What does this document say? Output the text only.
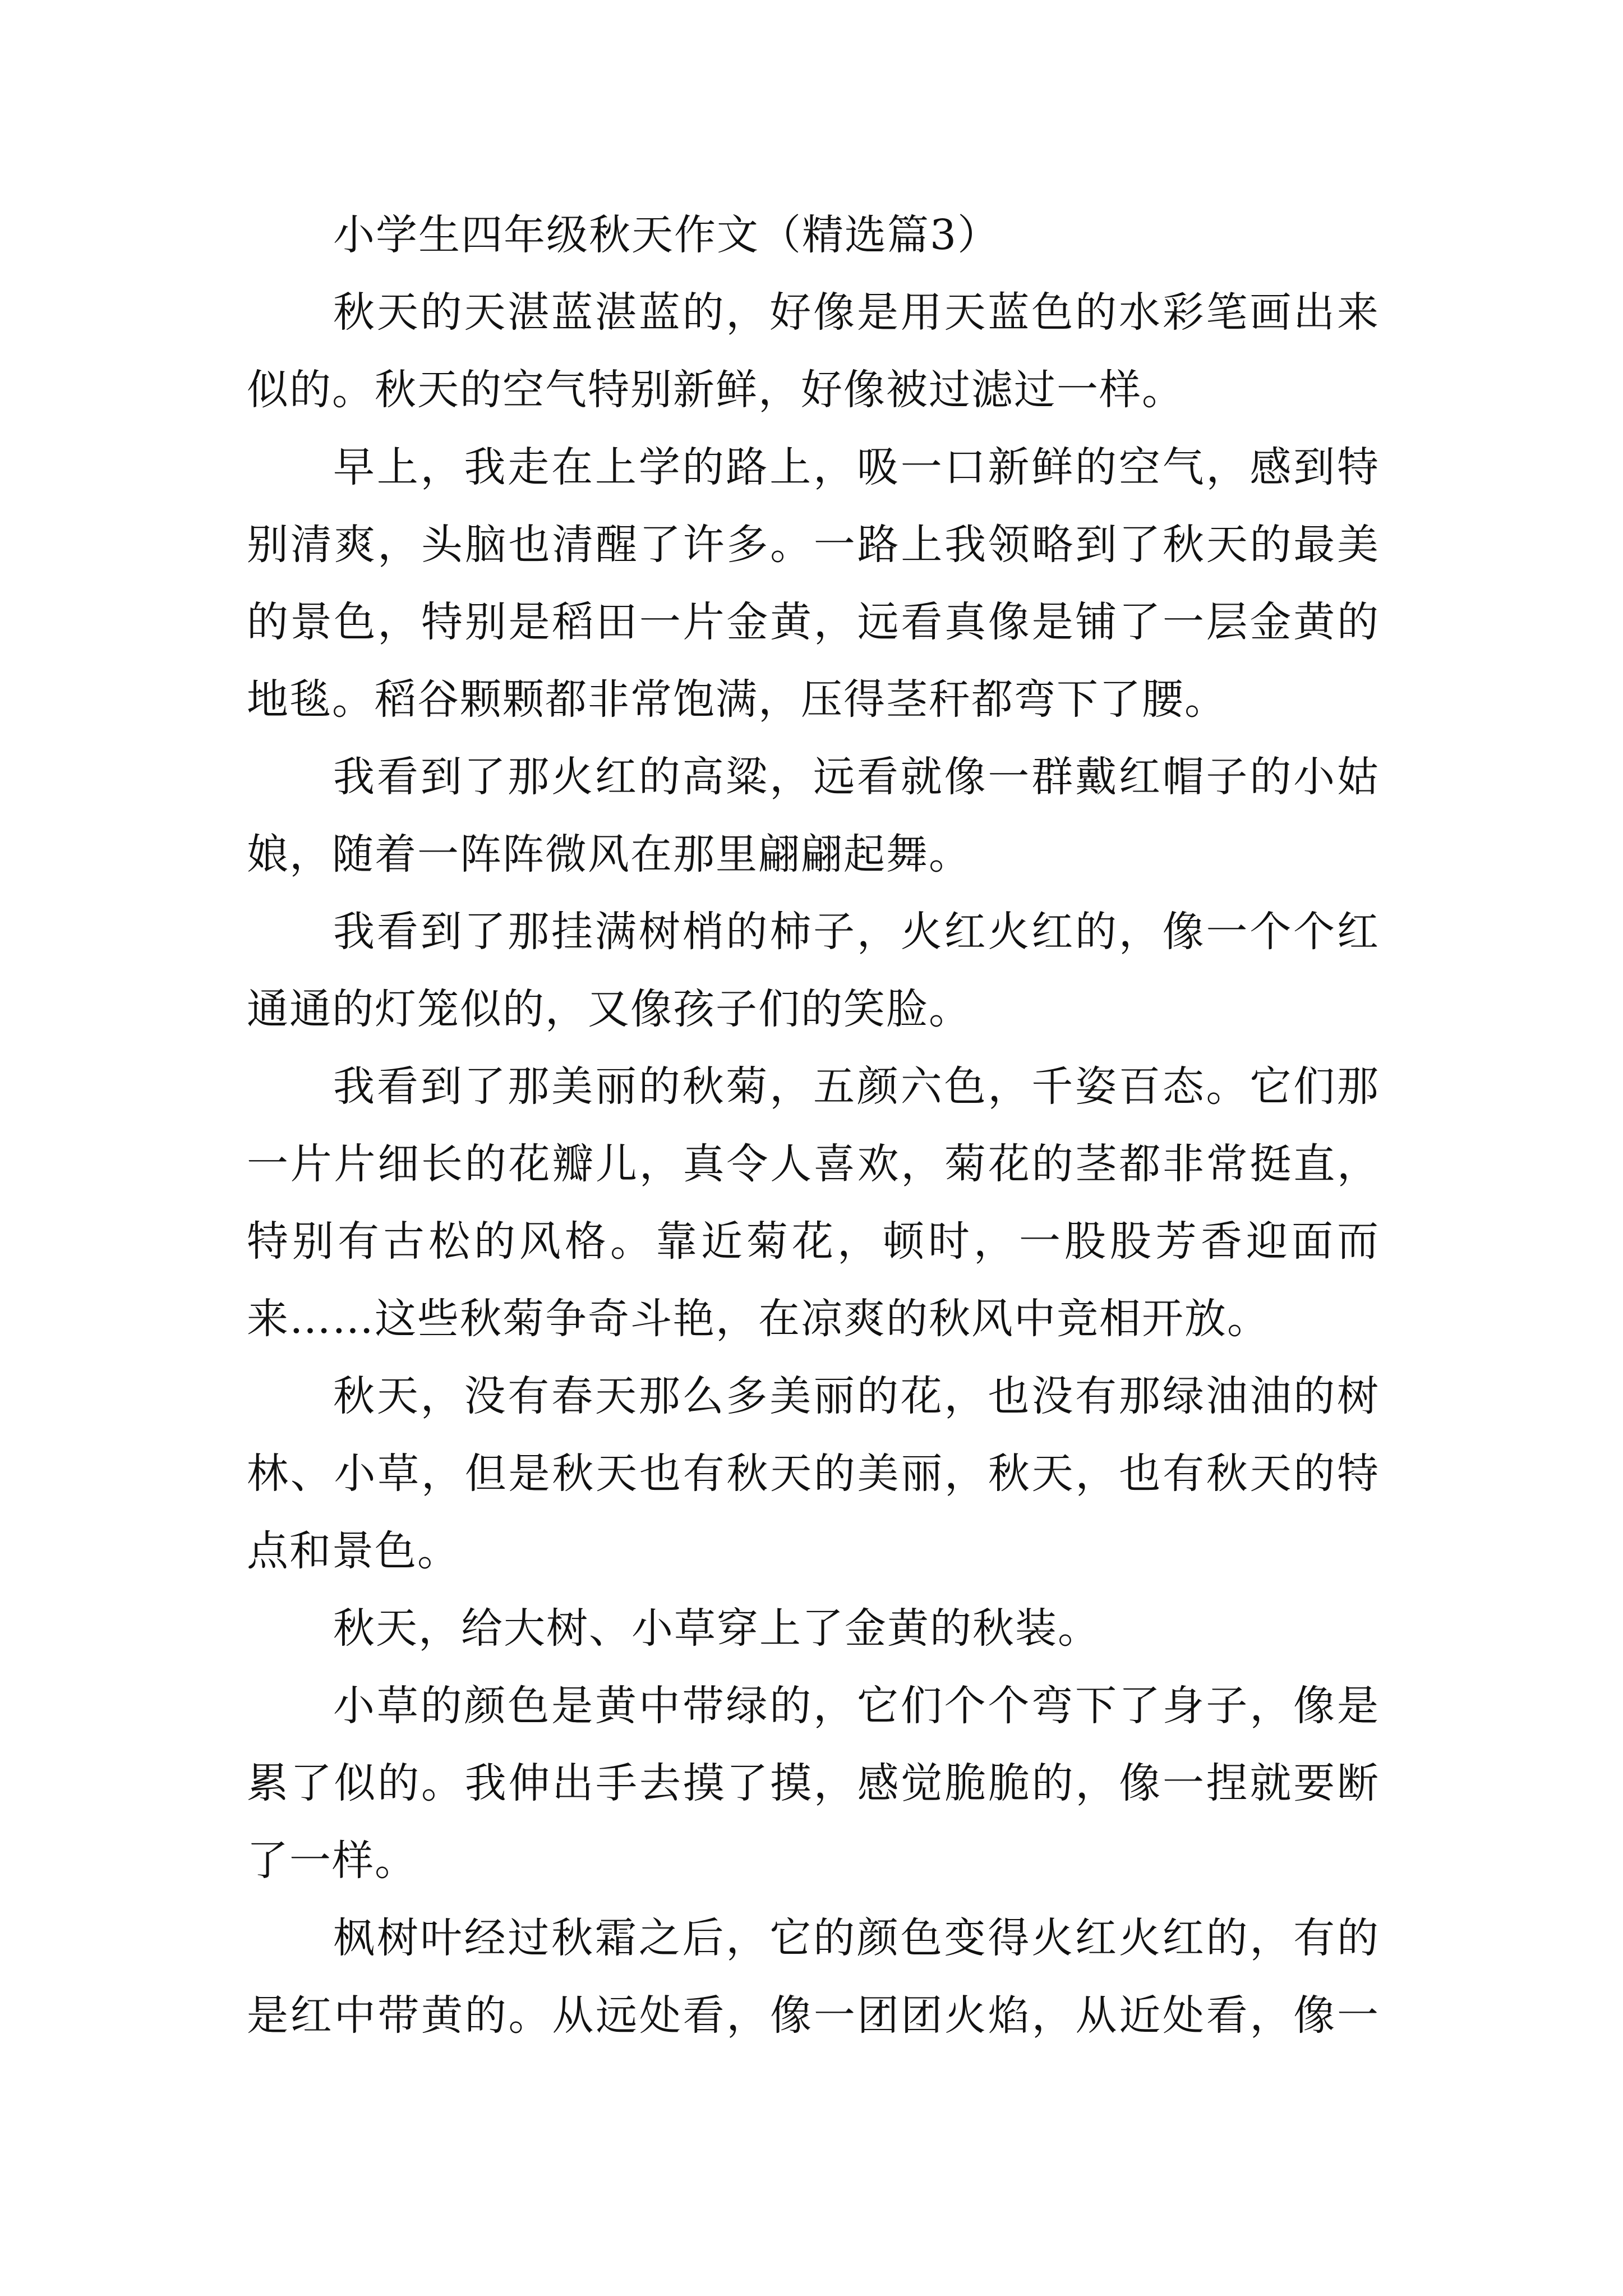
小学生四年级秋天作文（精选篇3）
秋天的天湛蓝湛蓝的，好像是用天蓝色的水彩笔画出来
似的。秋天的空气特别新鲜，好像被过滤过一样。
早上，我走在上学的路上，吸一口新鲜的空气，感到特
别清爽，头脑也清醒了许多。一路上我领略到了秋天的最美
的景色，特别是稻田一片金黄，远看真像是铺了一层金黄的
地毯。稻谷颗颗都非常饱满，压得茎秆都弯下了腰。
我看到了那火红的高粱，远看就像一群戴红帽子的小姑
娘，随着一阵阵微风在那里翩翩起舞。
我看到了那挂满树梢的柿子，火红火红的，像一个个红
通通的灯笼似的，又像孩子们的笑脸。
我看到了那美丽的秋菊，五颜六色，千姿百态。它们那
一片片细长的花瓣儿，真令人喜欢，菊花的茎都非常挺直，
特别有古松的风格。靠近菊花，顿时，一股股芳香迎面而
来……这些秋菊争奇斗艳，在凉爽的秋风中竞相开放。
秋天，没有春天那么多美丽的花，也没有那绿油油的树
林、小草，但是秋天也有秋天的美丽，秋天，也有秋天的特
点和景色。
秋天，给大树、小草穿上了金黄的秋装。
小草的颜色是黄中带绿的，它们个个弯下了身子，像是
累了似的。我伸出手去摸了摸，感觉脆脆的，像一捏就要断
了一样。
枫树叶经过秋霜之后，它的颜色变得火红火红的，有的
是红中带黄的。从远处看，像一团团火焰，从近处看，像一
